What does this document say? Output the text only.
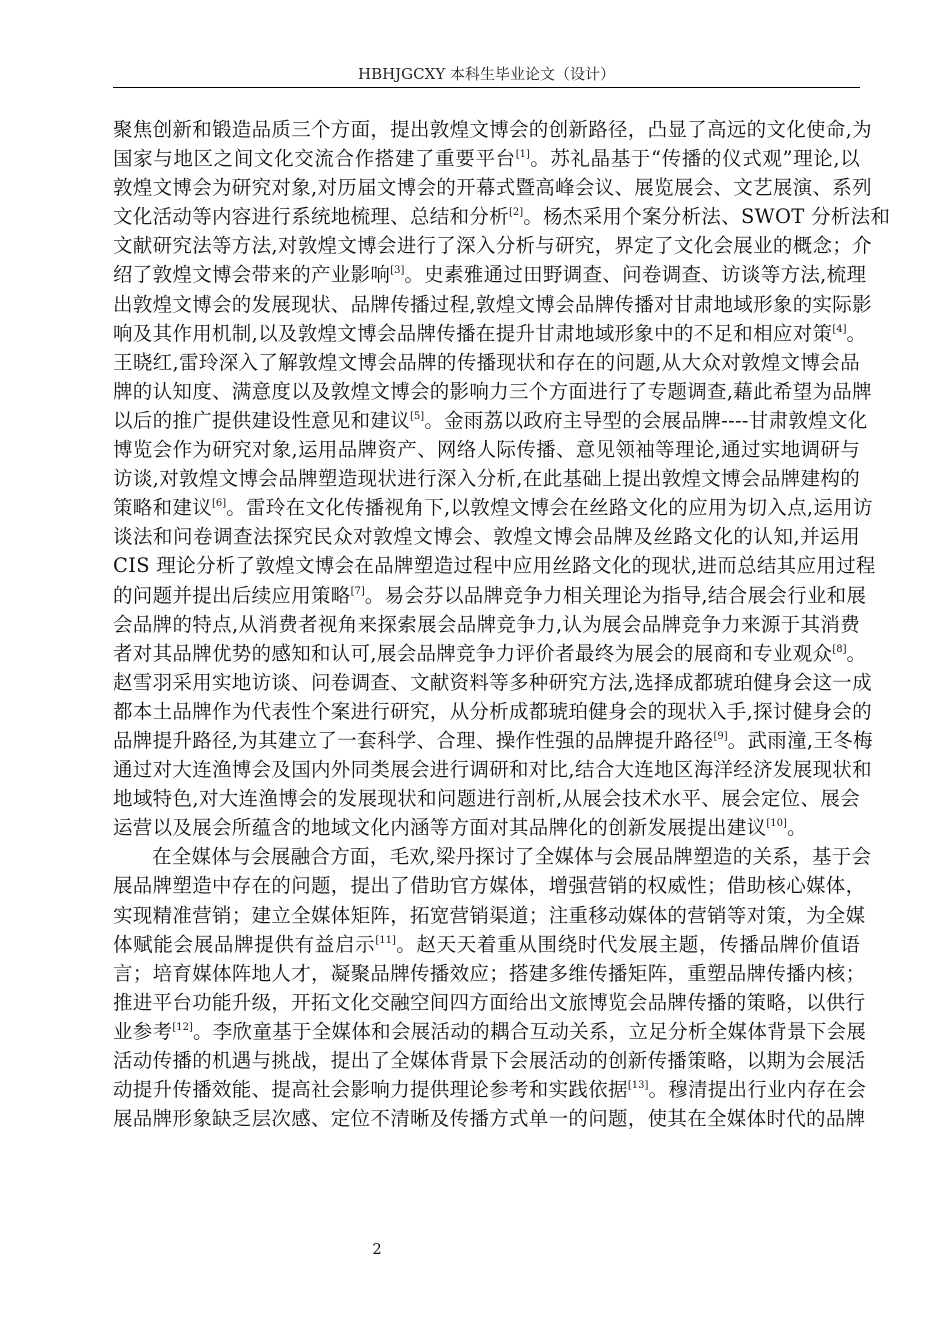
HBHJGCXY 本科生毕业论文（设计）
聚焦创新和锻造品质三个方面，提出敦煌文博会的创新路径，凸显了高远的文化使命,为
国家与地区之间文化交流合作搭建了重要平台[1]。苏礼晶基于“传播的仪式观”理论,以
敦煌文博会为研究对象,对历届文博会的开幕式暨高峰会议、展览展会、文艺展演、系列
文化活动等内容进行系统地梳理、总结和分析[2]。杨杰采用个案分析法、SWOT 分析法和
文献研究法等方法,对敦煌文博会进行了深入分析与研究，界定了文化会展业的概念；介
绍了敦煌文博会带来的产业影响[3]。史素雅通过田野调查、问卷调查、访谈等方法,梳理
出敦煌文博会的发展现状、品牌传播过程,敦煌文博会品牌传播对甘肃地域形象的实际影
响及其作用机制,以及敦煌文博会品牌传播在提升甘肃地域形象中的不足和相应对策[4]。
王晓红,雷玲深入了解敦煌文博会品牌的传播现状和存在的问题,从大众对敦煌文博会品
牌的认知度、满意度以及敦煌文博会的影响力三个方面进行了专题调查,藉此希望为品牌
以后的推广提供建设性意见和建议[5]。金雨荔以政府主导型的会展品牌----甘肃敦煌文化
博览会作为研究对象,运用品牌资产、网络人际传播、意见领袖等理论,通过实地调研与
访谈,对敦煌文博会品牌塑造现状进行深入分析,在此基础上提出敦煌文博会品牌建构的
策略和建议[6]。雷玲在文化传播视角下,以敦煌文博会在丝路文化的应用为切入点,运用访
谈法和问卷调查法探究民众对敦煌文博会、敦煌文博会品牌及丝路文化的认知,并运用
CIS 理论分析了敦煌文博会在品牌塑造过程中应用丝路文化的现状,进而总结其应用过程
的问题并提出后续应用策略[7]。易会芬以品牌竞争力相关理论为指导,结合展会行业和展
会品牌的特点,从消费者视角来探索展会品牌竞争力,认为展会品牌竞争力来源于其消费
者对其品牌优势的感知和认可,展会品牌竞争力评价者最终为展会的展商和专业观众[8]。
赵雪羽采用实地访谈、问卷调查、文献资料等多种研究方法,选择成都琥珀健身会这一成
都本土品牌作为代表性个案进行研究，从分析成都琥珀健身会的现状入手,探讨健身会的
品牌提升路径,为其建立了一套科学、合理、操作性强的品牌提升路径[9]。武雨潼,王冬梅
通过对大连渔博会及国内外同类展会进行调研和对比,结合大连地区海洋经济发展现状和
地域特色,对大连渔博会的发展现状和问题进行剖析,从展会技术水平、展会定位、展会
运营以及展会所蕴含的地域文化内涵等方面对其品牌化的创新发展提出建议[10]。
在全媒体与会展融合方面，毛欢,梁丹探讨了全媒体与会展品牌塑造的关系，基于会
展品牌塑造中存在的问题，提出了借助官方媒体，增强营销的权威性；借助核心媒体，
实现精准营销；建立全媒体矩阵，拓宽营销渠道；注重移动媒体的营销等对策，为全媒
体赋能会展品牌提供有益启示[11]。赵天天着重从围绕时代发展主题，传播品牌价值语
言；培育媒体阵地人才，凝聚品牌传播效应；搭建多维传播矩阵，重塑品牌传播内核；
推进平台功能升级，开拓文化交融空间四方面给出文旅博览会品牌传播的策略，以供行
业参考[12]。李欣童基于全媒体和会展活动的耦合互动关系，立足分析全媒体背景下会展
活动传播的机遇与挑战，提出了全媒体背景下会展活动的创新传播策略，以期为会展活
动提升传播效能、提高社会影响力提供理论参考和实践依据[13]。穆清提出行业内存在会
展品牌形象缺乏层次感、定位不清晰及传播方式单一的问题，使其在全媒体时代的品牌
2
